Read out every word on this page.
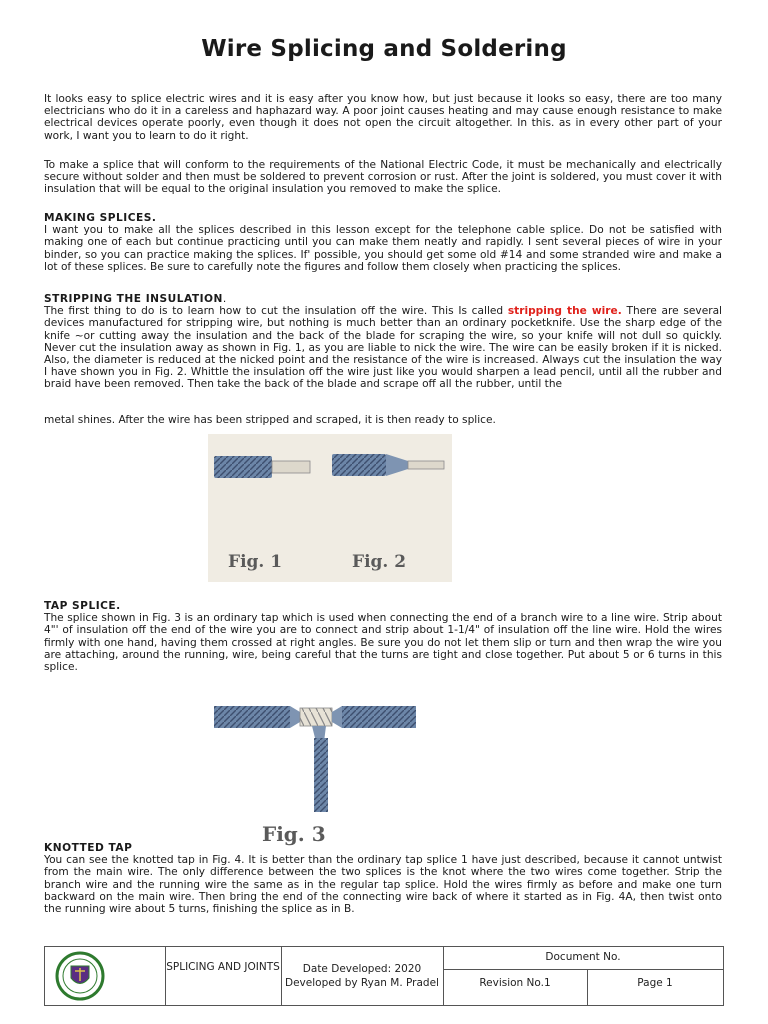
Wire Splicing and Soldering

It looks easy to splice electric wires and it is easy after you know how, but just because it looks so easy, there are too many electricians who do it in a careless and haphazard way. A poor joint causes heating and may cause enough resistance to make electrical devices operate poorly, even though it does not open the circuit altogether. In this. as in every other part of your work, I want you to learn to do it right.

To make a splice that will conform to the requirements of the National Electric Code, it must be mechanically and electrically secure without solder and then must be soldered to prevent corrosion or rust. After the joint is soldered, you must cover it with insulation that will be equal to the original insulation you removed to make the splice.

MAKING SPLICES.
I want you to make all the splices described in this lesson except for the telephone cable splice. Do not be satisfied with making one of each but continue practicing until you can make them neatly and rapidly. I sent several pieces of wire in your binder, so you can practice making the splices. If' possible, you should get some old #14 and some stranded wire and make a lot of these splices. Be sure to carefully note the figures and follow them closely when practicing the splices.
STRIPPING THE INSULATION.
The first thing to do is to learn how to cut the insulation off the wire. This Is called stripping the wire. There are several devices manufactured for stripping wire, but nothing is much better than an ordinary pocketknife. Use the sharp edge of the knife ~or cutting away the insulation and the back of the blade for scraping the wire, so your knife will not dull so quickly. Never cut the insulation away as shown in Fig. 1, as you are liable to nick the wire. The wire can be easily broken if it is nicked. Also, the diameter is reduced at the nicked point and the resistance of the wire is increased. Always cut the insulation the way I have shown you in Fig. 2. Whittle the insulation off the wire just like you would sharpen a lead pencil, until all the rubber and braid have been removed. Then take the back of the blade and scrape off all the rubber, until the

metal shines. After the wire has been stripped and scraped, it is then ready to splice.

Fig. 1	Fig. 2
TAP SPLICE.
The splice shown in Fig. 3 is an ordinary tap which is used when connecting the end of a branch wire to a line wire. Strip about 4"' of insulation off the end of the wire you are to connect and strip about 1-1/4" of insulation off the line wire. Hold the wires firmly with one hand, having them crossed at right angles. Be sure you do not let them slip or turn and then wrap the wire you are attaching, around the running, wire, being careful that the turns are tight and close together. Put about 5 or 6 turns in this splice.
Fig. 3
KNOTTED TAP
You can see the knotted tap in Fig. 4. It is better than the ordinary tap splice 1 have just described, because it cannot untwist from the main wire. The only difference between the two splices is the knot where the two wires come together. Strip the branch wire and the running wire the same as in the regular tap splice. Hold the wires firmly as before and make one turn backward on the main wire. Then bring the end of the connecting wire back of where it started as in Fig. 4A, then twist onto the running wire about 5 turns, finishing the splice as in B.
SPLICING AND JOINTS	Date Developed: 2020
Developed by Ryan M. Pradel
Document No.
Revision No.1	Page 1
